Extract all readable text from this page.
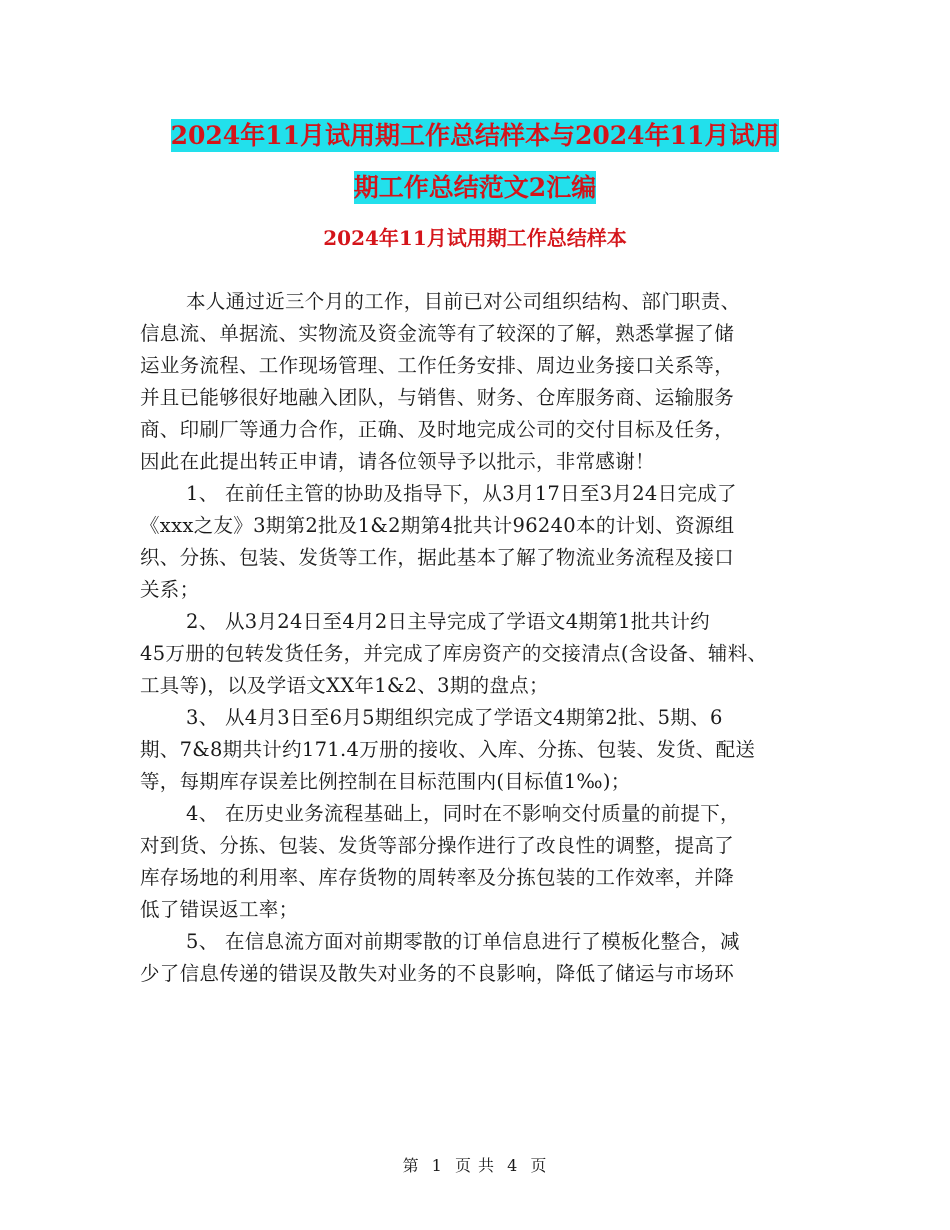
2024年11月试用期工作总结样本与2024年11月试用
期工作总结范文2汇编
2024年11月试用期工作总结样本
本人通过近三个月的工作，目前已对公司组织结构、部门职责、
信息流、单据流、实物流及资金流等有了较深的了解，熟悉掌握了储
运业务流程、工作现场管理、工作任务安排、周边业务接口关系等，
并且已能够很好地融入团队，与销售、财务、仓库服务商、运输服务
商、印刷厂等通力合作，正确、及时地完成公司的交付目标及任务，
因此在此提出转正申请，请各位领导予以批示，非常感谢！
1、 在前任主管的协助及指导下，从3月17日至3月24日完成了
《xxx之友》3期第2批及1&2期第4批共计96240本的计划、资源组
织、分拣、包装、发货等工作，据此基本了解了物流业务流程及接口
关系；
2、 从3月24日至4月2日主导完成了学语文4期第1批共计约
45万册的包转发货任务，并完成了库房资产的交接清点(含设备、辅料、
工具等)，以及学语文XX年1&2、3期的盘点；
3、 从4月3日至6月5期组织完成了学语文4期第2批、5期、6
期、7&8期共计约171.4万册的接收、入库、分拣、包装、发货、配送
等，每期库存误差比例控制在目标范围内(目标值1‰)；
4、 在历史业务流程基础上，同时在不影响交付质量的前提下，
对到货、分拣、包装、发货等部分操作进行了改良性的调整，提高了
库存场地的利用率、库存货物的周转率及分拣包装的工作效率，并降
低了错误返工率；
5、 在信息流方面对前期零散的订单信息进行了模板化整合，减
少了信息传递的错误及散失对业务的不良影响，降低了储运与市场环
第 1 页 共 4 页
